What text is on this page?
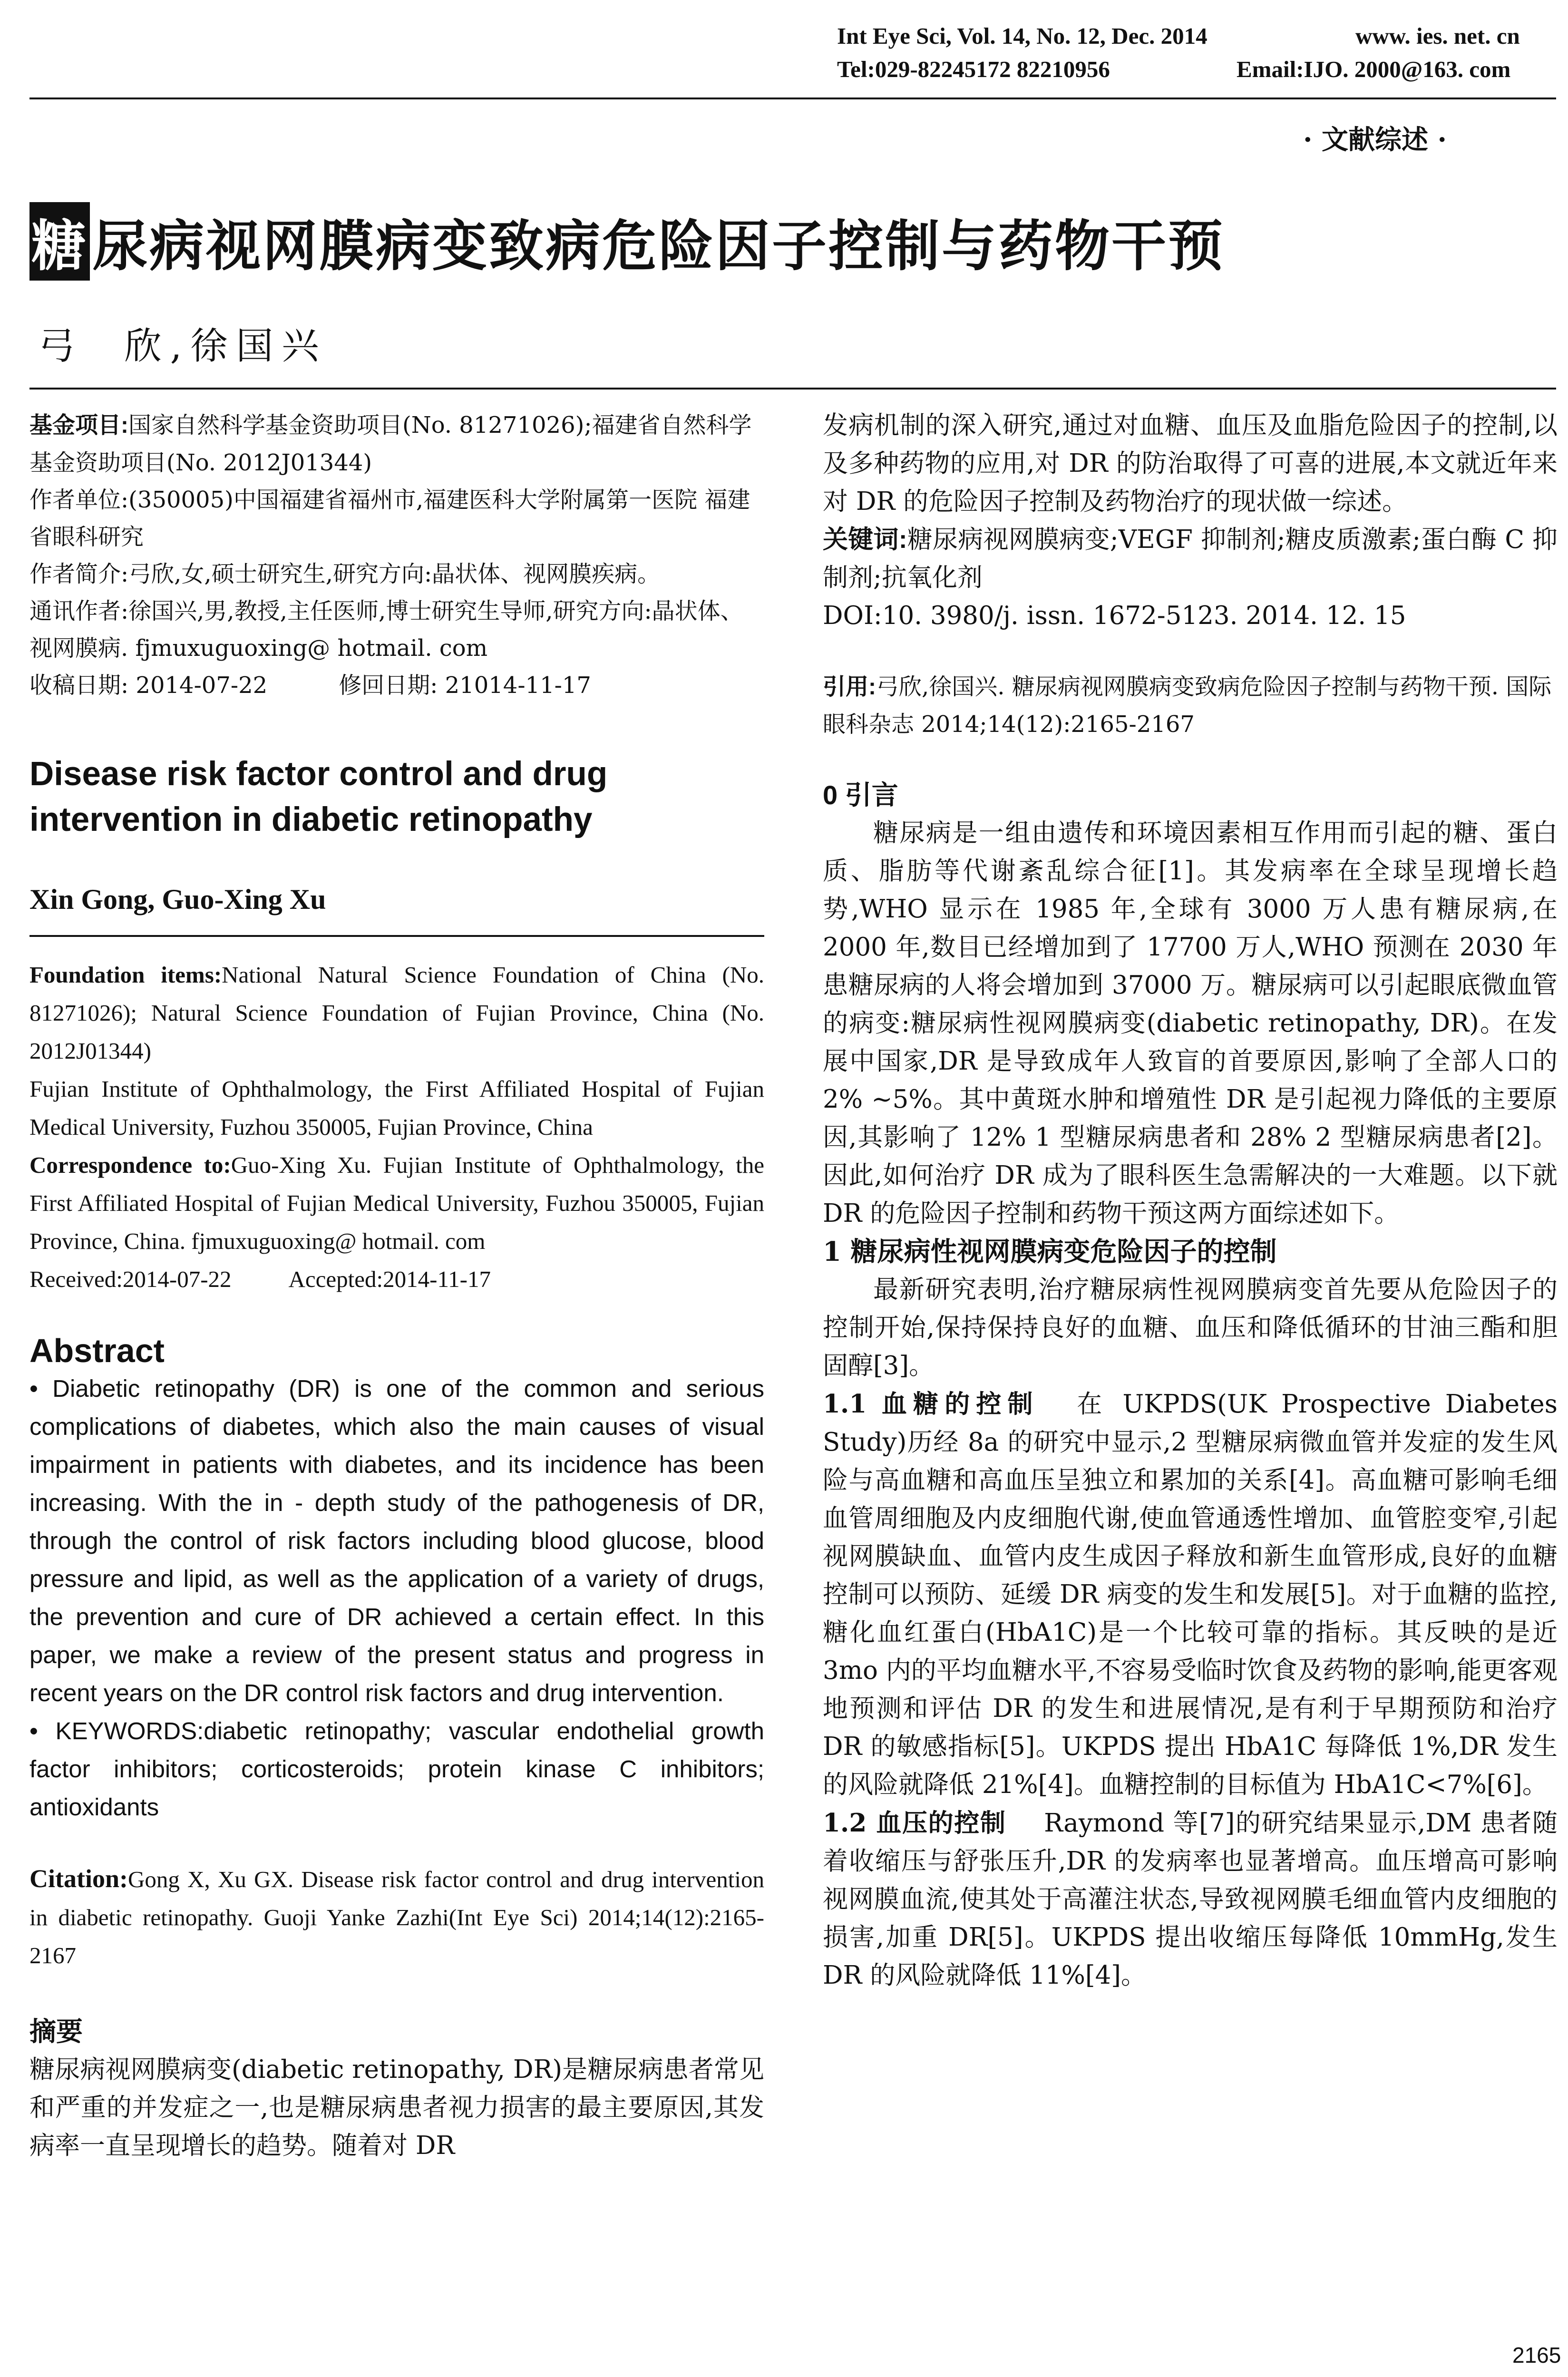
Int Eye Sci, Vol. 14, No. 12, Dec. 2014	www. ies. net. cn
Tel:029-82245172 82210956	Email:IJO. 2000@163. com
· 文献综述 ·
糖 尿病视网膜病变致病危险因子控制与药物干预
弓  欣,徐国兴

基金项目:国家自然科学基金资助项目(No. 81271026);福建省自然科学基金资助项目(No. 2012J01344)

作者单位:(350005)中国福建省福州市,福建医科大学附属第一医院 福建省眼科研究

作者简介:弓欣,女,硕士研究生,研究方向:晶状体、视网膜疾病。

通讯作者:徐国兴,男,教授,主任医师,博士研究生导师,研究方向:晶状体、视网膜病. fjmuxuguoxing@ hotmail. com

收稿日期: 2014-07-22	修回日期: 21014-11-17

Disease risk factor control and drug intervention in diabetic retinopathy

Xin Gong, Guo-Xing Xu

Foundation items:National Natural Science Foundation of China (No. 81271026); Natural Science Foundation of Fujian Province, China (No. 2012J01344)

Fujian Institute of Ophthalmology, the First Affiliated Hospital of Fujian Medical University, Fuzhou 350005, Fujian Province, China

Correspondence to:Guo-Xing Xu. Fujian Institute of Ophthalmology, the First Affiliated Hospital of Fujian Medical University, Fuzhou 350005, Fujian Province, China. fjmuxuguoxing@ hotmail. com

Received:2014-07-22 Accepted:2014-11-17

Abstract

• Diabetic retinopathy (DR) is one of the common and serious complications of diabetes, which also the main causes of visual impairment in patients with diabetes, and its incidence has been increasing. With the in - depth study of the pathogenesis of DR, through the control of risk factors including blood glucose, blood pressure and lipid, as well as the application of a variety of drugs, the prevention and cure of DR achieved a certain effect. In this paper, we make a review of the present status and progress in recent years on the DR control risk factors and drug intervention.

• KEYWORDS:diabetic retinopathy; vascular endothelial growth factor inhibitors; corticosteroids; protein kinase C inhibitors; antioxidants

Citation:Gong X, Xu GX. Disease risk factor control and drug intervention in diabetic retinopathy. Guoji Yanke Zazhi(Int Eye Sci) 2014;14(12):2165-2167

摘要

糖尿病视网膜病变(diabetic retinopathy, DR)是糖尿病患者常见和严重的并发症之一,也是糖尿病患者视力损害的最主要原因,其发病率一直呈现增长的趋势。随着对 DR

发病机制的深入研究,通过对血糖、血压及血脂危险因子的控制,以及多种药物的应用,对 DR 的防治取得了可喜的进展,本文就近年来对 DR 的危险因子控制及药物治疗的现状做一综述。

关键词:糖尿病视网膜病变;VEGF 抑制剂;糖皮质激素;蛋白酶 C 抑制剂;抗氧化剂

DOI:10. 3980/j. issn. 1672-5123. 2014. 12. 15

引用:弓欣,徐国兴. 糖尿病视网膜病变致病危险因子控制与药物干预. 国际眼科杂志 2014;14(12):2165-2167

0 引言

糖尿病是一组由遗传和环境因素相互作用而引起的糖、蛋白质、脂肪等代谢紊乱综合征[1]。其发病率在全球呈现增长趋势,WHO 显示在 1985 年,全球有 3000 万人患有糖尿病,在 2000 年,数目已经增加到了 17700 万人,WHO 预测在 2030 年患糖尿病的人将会增加到 37000 万。糖尿病可以引起眼底微血管的病变:糖尿病性视网膜病变(diabetic retinopathy, DR)。在发展中国家,DR 是导致成年人致盲的首要原因,影响了全部人口的 2% ~5%。其中黄斑水肿和增殖性 DR 是引起视力降低的主要原因,其影响了 12% 1 型糖尿病患者和 28% 2 型糖尿病患者[2]。因此,如何治疗 DR 成为了眼科医生急需解决的一大难题。以下就 DR 的危险因子控制和药物干预这两方面综述如下。

1 糖尿病性视网膜病变危险因子的控制

最新研究表明,治疗糖尿病性视网膜病变首先要从危险因子的控制开始,保持保持良好的血糖、血压和降低循环的甘油三酯和胆固醇[3]。

1.1 血糖的控制 在 UKPDS(UK Prospective Diabetes Study)历经 8a 的研究中显示,2 型糖尿病微血管并发症的发生风险与高血糖和高血压呈独立和累加的关系[4]。高血糖可影响毛细血管周细胞及内皮细胞代谢,使血管通透性增加、血管腔变窄,引起视网膜缺血、血管内皮生成因子释放和新生血管形成,良好的血糖控制可以预防、延缓 DR 病变的发生和发展[5]。对于血糖的监控,糖化血红蛋白(HbA1C)是一个比较可靠的指标。其反映的是近 3mo 内的平均血糖水平,不容易受临时饮食及药物的影响,能更客观地预测和评估 DR 的发生和进展情况,是有利于早期预防和治疗 DR 的敏感指标[5]。UKPDS 提出 HbA1C 每降低 1%,DR 发生的风险就降低 21%[4]。血糖控制的目标值为 HbA1C<7%[6]。

1.2 血压的控制 Raymond 等[7]的研究结果显示,DM 患者随着收缩压与舒张压升,DR 的发病率也显著增高。血压增高可影响视网膜血流,使其处于高灌注状态,导致视网膜毛细血管内皮细胞的损害,加重 DR[5]。UKPDS 提出收缩压每降低 10mmHg,发生 DR 的风险就降低 11%[4]。

2165
